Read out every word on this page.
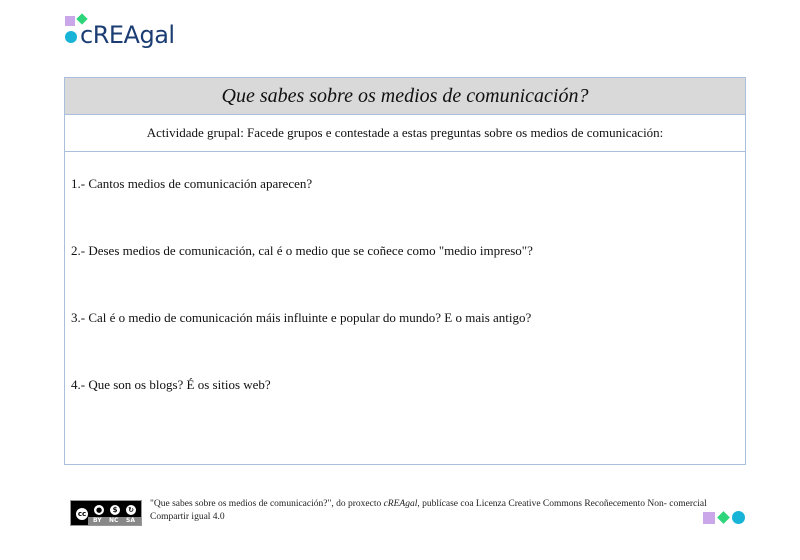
cREAgal
Que sabes sobre os medios de comunicación?
Actividade grupal: Facede grupos e contestade a estas preguntas sobre os medios de comunicación:
1.- Cantos medios de comunicación aparecen?
2.- Deses medios de comunicación, cal é o medio que se coñece como "medio impreso"?
3.- Cal é o medio de comunicación máis influinte e popular do mundo? E o mais antigo?
4.- Que son os blogs? É os sitios web?
cc	●	$	↻
BY NC SA
"Que sabes sobre os medios de comunicación?", do proxecto cREAgal, publícase coa Licenza Creative Commons Recoñecemento Non- comercial
Compartir igual 4.0
